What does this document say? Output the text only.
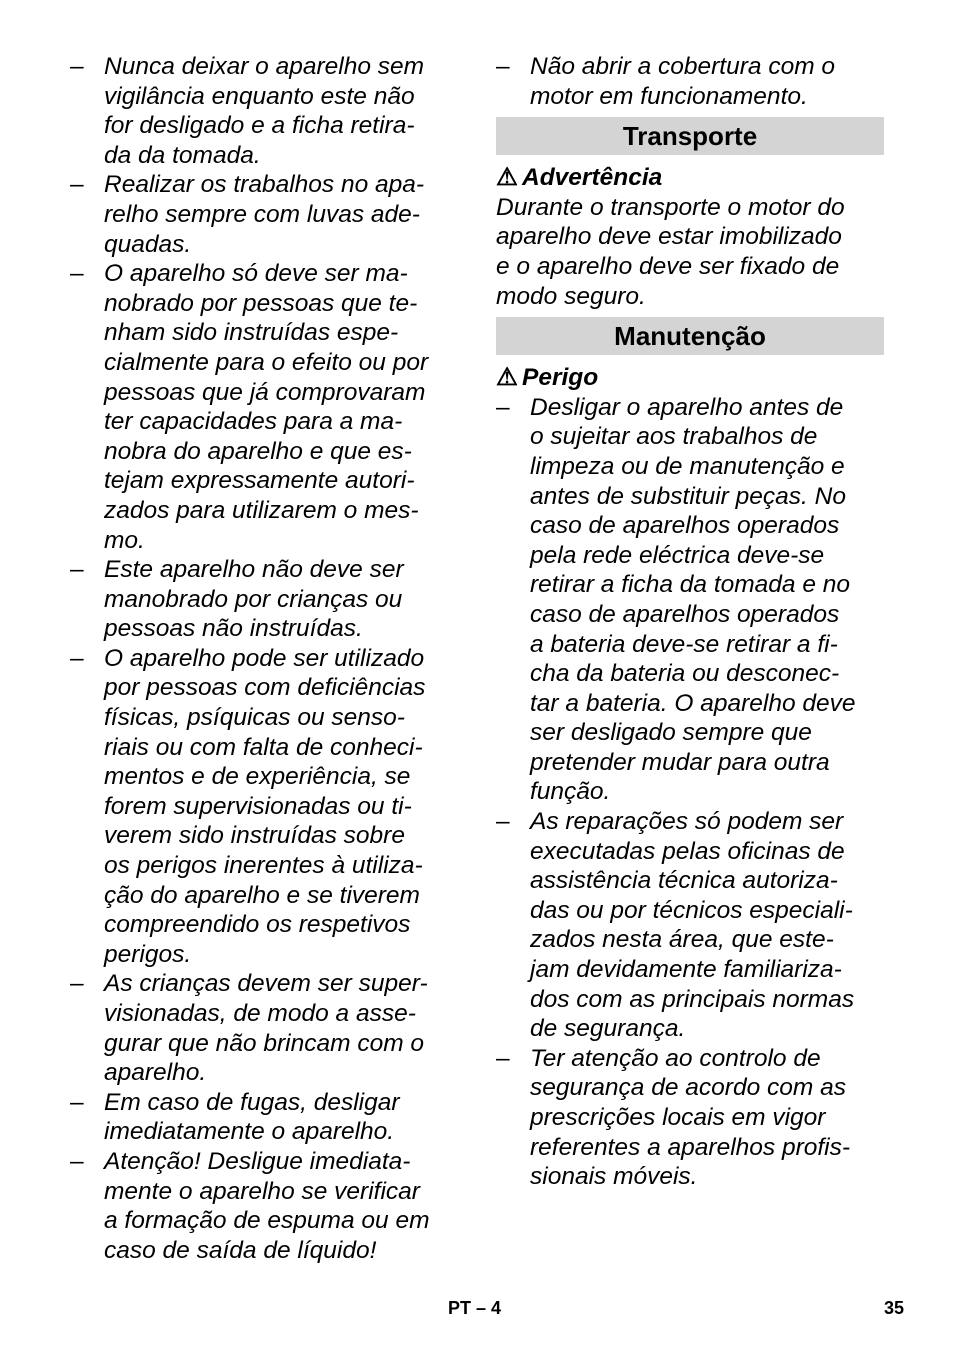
– Nunca deixar o aparelho sem
vigilância enquanto este não
for desligado e a ficha retira-
da da tomada.
– Realizar os trabalhos no apa-
relho sempre com luvas ade-
quadas.
– O aparelho só deve ser ma-
nobrado por pessoas que te-
nham sido instruídas espe-
cialmente para o efeito ou por
pessoas que já comprovaram
ter capacidades para a ma-
nobra do aparelho e que es-
tejam expressamente autori-
zados para utilizarem o mes-
mo.
– Este aparelho não deve ser
manobrado por crianças ou
pessoas não instruídas.
– O aparelho pode ser utilizado
por pessoas com deficiências
físicas, psíquicas ou senso-
riais ou com falta de conheci-
mentos e de experiência, se
forem supervisionadas ou ti-
verem sido instruídas sobre
os perigos inerentes à utiliza-
ção do aparelho e se tiverem
compreendido os respetivos
perigos.
– As crianças devem ser super-
visionadas, de modo a asse-
gurar que não brincam com o
aparelho.
– Em caso de fugas, desligar
imediatamente o aparelho.
– Atenção! Desligue imediata-
mente o aparelho se verificar
a formação de espuma ou em
caso de saída de líquido!
– Não abrir a cobertura com o
motor em funcionamento.
Transporte
⚠ Advertência
Durante o transporte o motor do
aparelho deve estar imobilizado
e o aparelho deve ser fixado de
modo seguro.
Manutenção
⚠ Perigo
– Desligar o aparelho antes de
o sujeitar aos trabalhos de
limpeza ou de manutenção e
antes de substituir peças. No
caso de aparelhos operados
pela rede eléctrica deve-se
retirar a ficha da tomada e no
caso de aparelhos operados
a bateria deve-se retirar a fi-
cha da bateria ou desconec-
tar a bateria. O aparelho deve
ser desligado sempre que
pretender mudar para outra
função.
– As reparações só podem ser
executadas pelas oficinas de
assistência técnica autoriza-
das ou por técnicos especiali-
zados nesta área, que este-
jam devidamente familiariza-
dos com as principais normas
de segurança.
– Ter atenção ao controlo de
segurança de acordo com as
prescrições locais em vigor
referentes a aparelhos profis-
sionais móveis.
PT – 4	35
